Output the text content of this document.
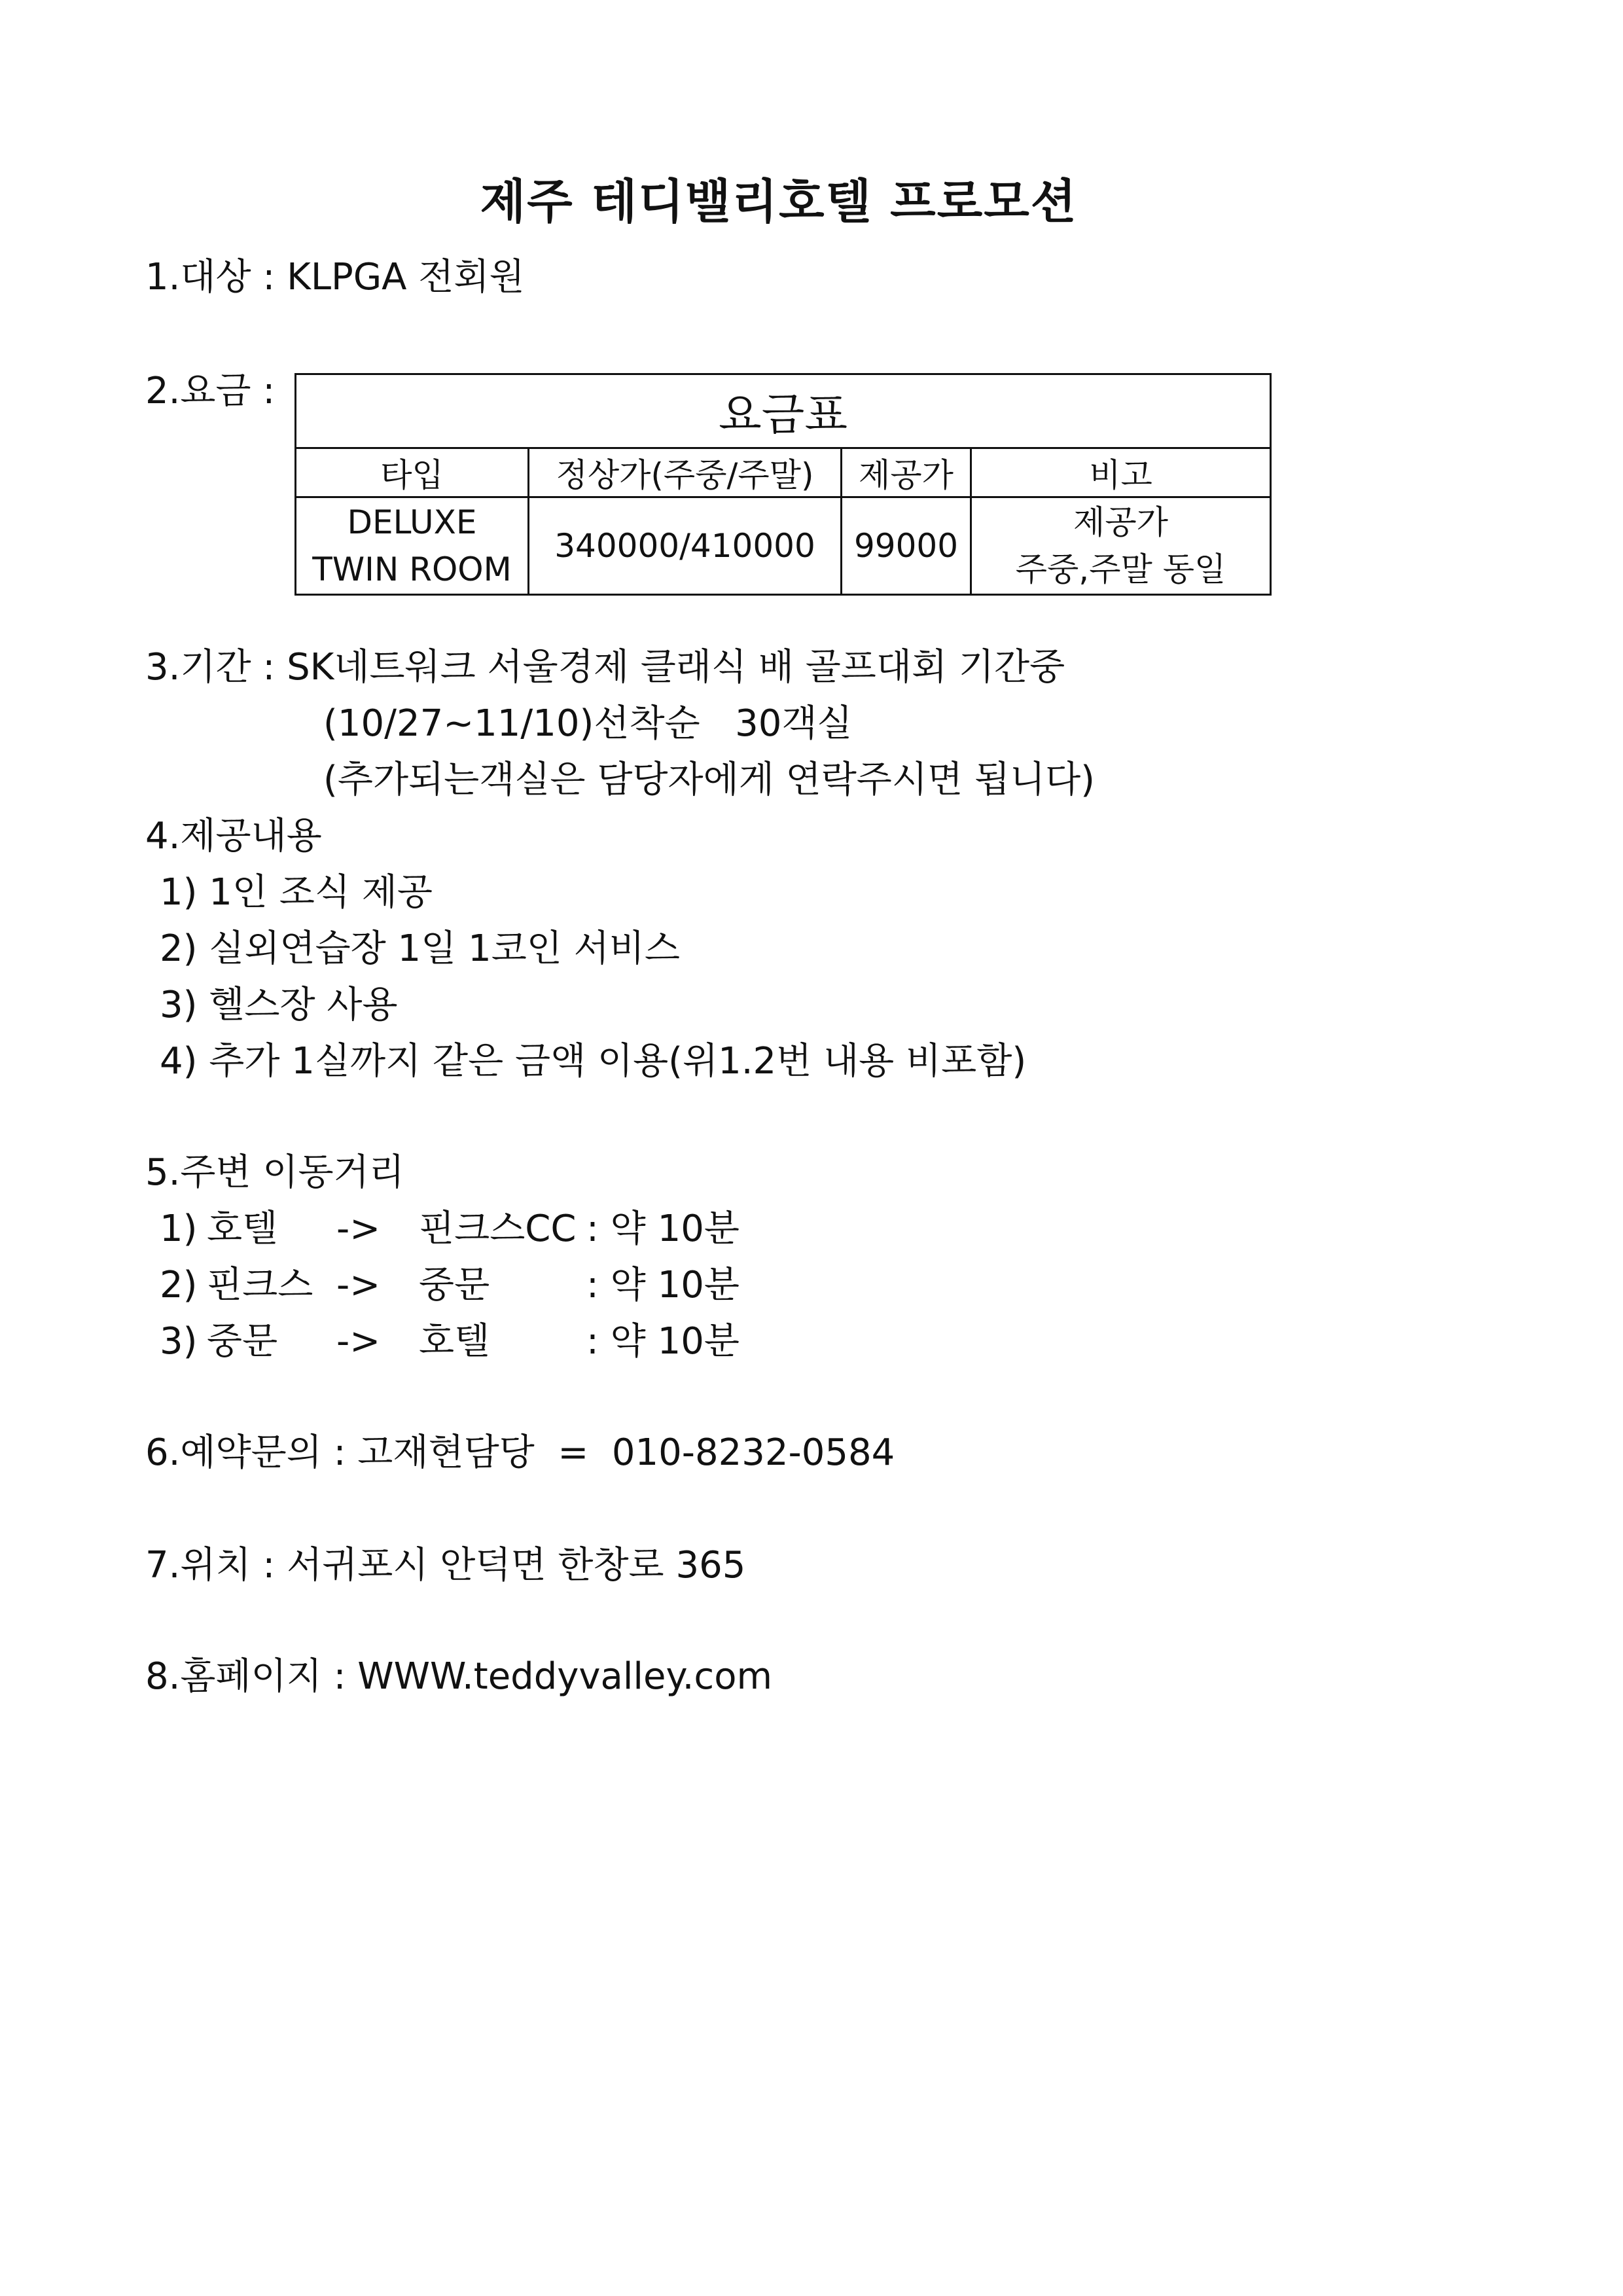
제주 테디밸리호텔 프로모션
1.대상 : KLPGA 전회원
2.요금 :	요금표			
타입	정상가(주중/주말)	제공가	비고

DELUXE
TWIN ROOM	340000/410000	99000	제공가
주중,주말 동일
3.기간 : SK네트워크 서울경제 클래식 배 골프대회 기간중
(10/27~11/10)선착순   30객실
(추가되는객실은 담당자에게 연락주시면 됩니다)
4.제공내용
1) 1인 조식 제공
2) 실외연습장 1일 1코인 서비스
3) 헬스장 사용
4) 추가 1실까지 같은 금액 이용(위1.2번 내용 비포함)
5.주변 이동거리
1) 호텔 -> 핀크스CC : 약 10분
2) 핀크스 -> 중문	: 약 10분
3) 중문 -> 호텔	: 약 10분
6.예약문의 : 고재현담당  =  010-8232-0584
7.위치 : 서귀포시 안덕면 한창로 365
8.홈페이지 : WWW.teddyvalley.com
